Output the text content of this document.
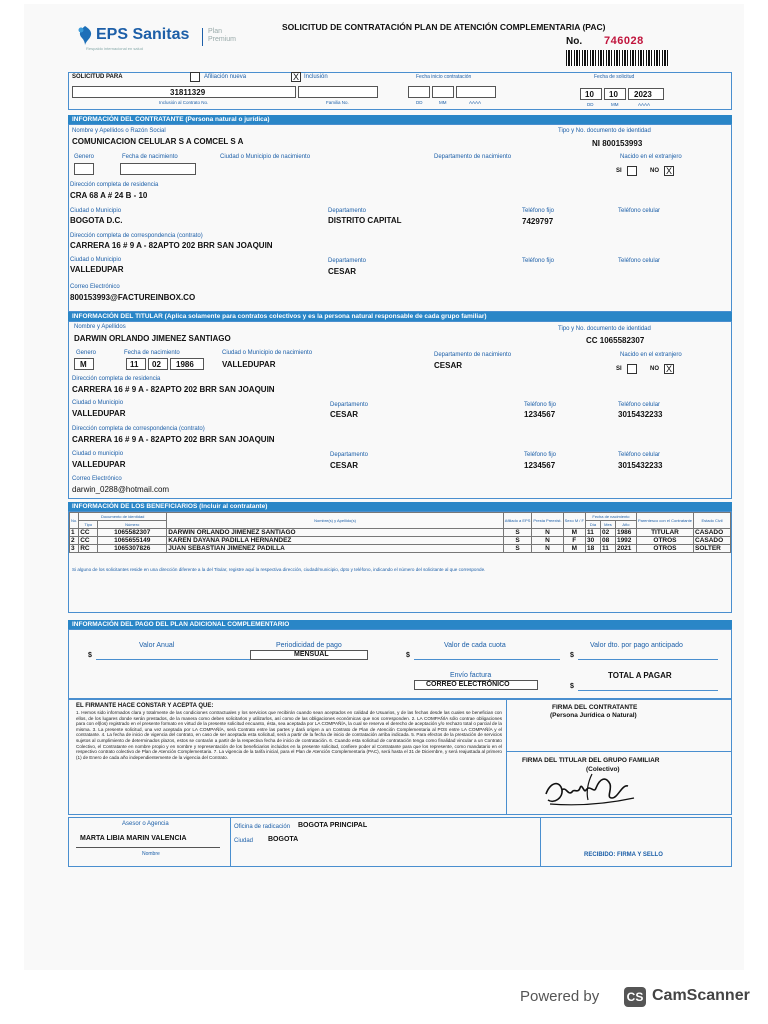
EPS Sanitas	Plan Premium
Respaldo internacional en salud
SOLICITUD DE CONTRATACIÓN PLAN DE ATENCIÓN COMPLEMENTARIA (PAC)
No. 746028
SOLICITUD PARA	Afiliación nueva	X Inclusión	Fecha inicio contratación	Fecha de solicitud
31811329
Inclusión al Contrato No.	Familia No.	DD	MM	AAAA
10 10 2023
DD	MM	AAAA
INFORMACIÓN DEL CONTRATANTE (Persona natural o jurídica)
Nombre y Apellidos o Razón Social
COMUNICACION CELULAR S A COMCEL S A
Tipo y No. documento de identidad
NI 800153993
Genero	Fecha de nacimiento	Ciudad o Municipio de nacimiento	Departamento de nacimiento	Nacido en el extranjero
SI	NO X
Dirección completa de residencia
CRA 68 A # 24 B - 10
Ciudad o Municipio
BOGOTA D.C.
Departamento
DISTRITO CAPITAL
Teléfono fijo
7429797
Teléfono celular
Dirección completa de correspondencia (contrato)
CARRERA 16 # 9 A - 82APTO 202 BRR SAN JOAQUIN
Ciudad o Municipio
VALLEDUPAR
Departamento
CESAR
Teléfono fijo	Teléfono celular
Correo Electrónico
800153993@FACTUREINBOX.CO
INFORMACIÓN DEL TITULAR (Aplica solamente para contratos colectivos y es la persona natural responsable de cada grupo familiar)
Nombre y Apellidos
DARWIN ORLANDO JIMENEZ SANTIAGO
Tipo y No. documento de identidad
CC 1065582307
Genero
M
Fecha de nacimiento
11 02 1986
Ciudad o Municipio de nacimiento
VALLEDUPAR
Departamento de nacimiento
CESAR
Nacido en el extranjero
SI	NO X
Dirección completa de residencia
CARRERA 16 # 9 A - 82APTO 202 BRR SAN JOAQUIN
Ciudad o Municipio
VALLEDUPAR
Departamento
CESAR
Teléfono fijo
1234567
Teléfono celular
3015432233
Dirección completa de correspondencia (contrato)
CARRERA 16 # 9 A - 82APTO 202 BRR SAN JOAQUIN
Ciudad o municipio
VALLEDUPAR
Departamento
CESAR
Teléfono fijo
1234567
Teléfono celular
3015432233
Correo Electrónico
darwin_0288@hotmail.com
INFORMACIÓN DE LOS BENEFICIARIOS (Incluir al contratante)
No.	Documento de identidad		Nombre(s) y Apellido(s)	Afiliado a EPS	Presta Preexist.	Sexo M / F	Fecha de nacimiento			Parentesco con el Contratante	Estado Civil
	Tipo	Número					Día	Mes	Año		
1	CC	1065582307	DARWIN ORLANDO JIMENEZ SANTIAGO	S	N	M	11	02	1986	TITULAR	CASADO
2	CC	1065655149	KAREN DAYANA PADILLA HERNANDEZ	S	N	F	30	08	1992	OTROS	CASADO
3	RC	1065307826	JUAN SEBASTIAN JIMENEZ PADILLA	S	N	M	18	11	2021	OTROS	SOLTER
Si alguno de los solicitantes reside en una dirección diferente a la del Titular, registre aquí la respectiva dirección, ciudad/municipio, dpto y teléfono, indicando el número del solicitante al que corresponde.
INFORMACIÓN DEL PAGO DEL PLAN ADICIONAL COMPLEMENTARIO
Valor Anual
$
Periodicidad de pago
MENSUAL
Valor de cada cuota
$
Valor dto. por pago anticipado
$
Envío factura
CORREO ELECTRÓNICO
TOTAL A PAGAR
$
EL FIRMANTE HACE CONSTAR Y ACEPTA QUE:
1. Hemos sido informados clara y totalmente de las condiciones contractuales y los servicios que recibirán cuando sean aceptados en calidad de Usuarios, y de las fechas desde las cuales se benefician con ellos, de los lugares donde serán prestados, de la manera como deben solicitarlos y utilizarlos, así como de las obligaciones económicas que nos corresponden. 2. LA COMPAÑÍA sólo contrae obligaciones para con el(los) registrado en el presente formato en virtud de la presente solicitud encuanto, ésta, sea aceptada por LA COMPAÑÍA, la cual se reserva el derecho de aceptación y/o rechazo total o parcial de la misma. 3. La presente solicitud, una vez aceptada por LA COMPAÑÍA, será Contrato entre las partes y dará origen a un Contrato de Plan de Atención Complementaria al POS entre LA COMPAÑÍA y el contratante. 4. La fecha de inicio de vigencia del contrato, en caso de ser aceptada esta solicitud, será a partir de la fecha de inicio de contratación arriba indicada. 5. Para efectos de la prestación de servicios sujetos al cumplimiento de determinados plazos, estos se contarán a partir de la respectiva fecha de inicio de contratación. 6. Cuando esta solicitud de contratación tenga como finalidad vincular a un Contrato Colectivo, el Contratante en nombre propio y en nombre y representación de los beneficiarios incluidos en la presente solicitud, confiere poder al Contratante para que los represente, como mandatario en el respectivo contrato colectivo de Plan de Atención Complementaria. 7. La vigencia de la tarifa inicial, para el Plan de Atención Complementaria (PAC), será hasta el 31 de Diciembre, y será reajustada al primero (1) de Enero de cada año independientemente de la vigencia del Contrato.
FIRMA DEL CONTRATANTE
(Persona Jurídica o Natural)
FIRMA DEL TITULAR DEL GRUPO FAMILIAR
(Colectivo)
Asesor o Agencia
MARTA LIBIA MARIN VALENCIA
Nombre
Oficina de radicación BOGOTA PRINCIPAL
Ciudad BOGOTA
RECIBIDO: FIRMA Y SELLO
Powered by CS CamScanner
